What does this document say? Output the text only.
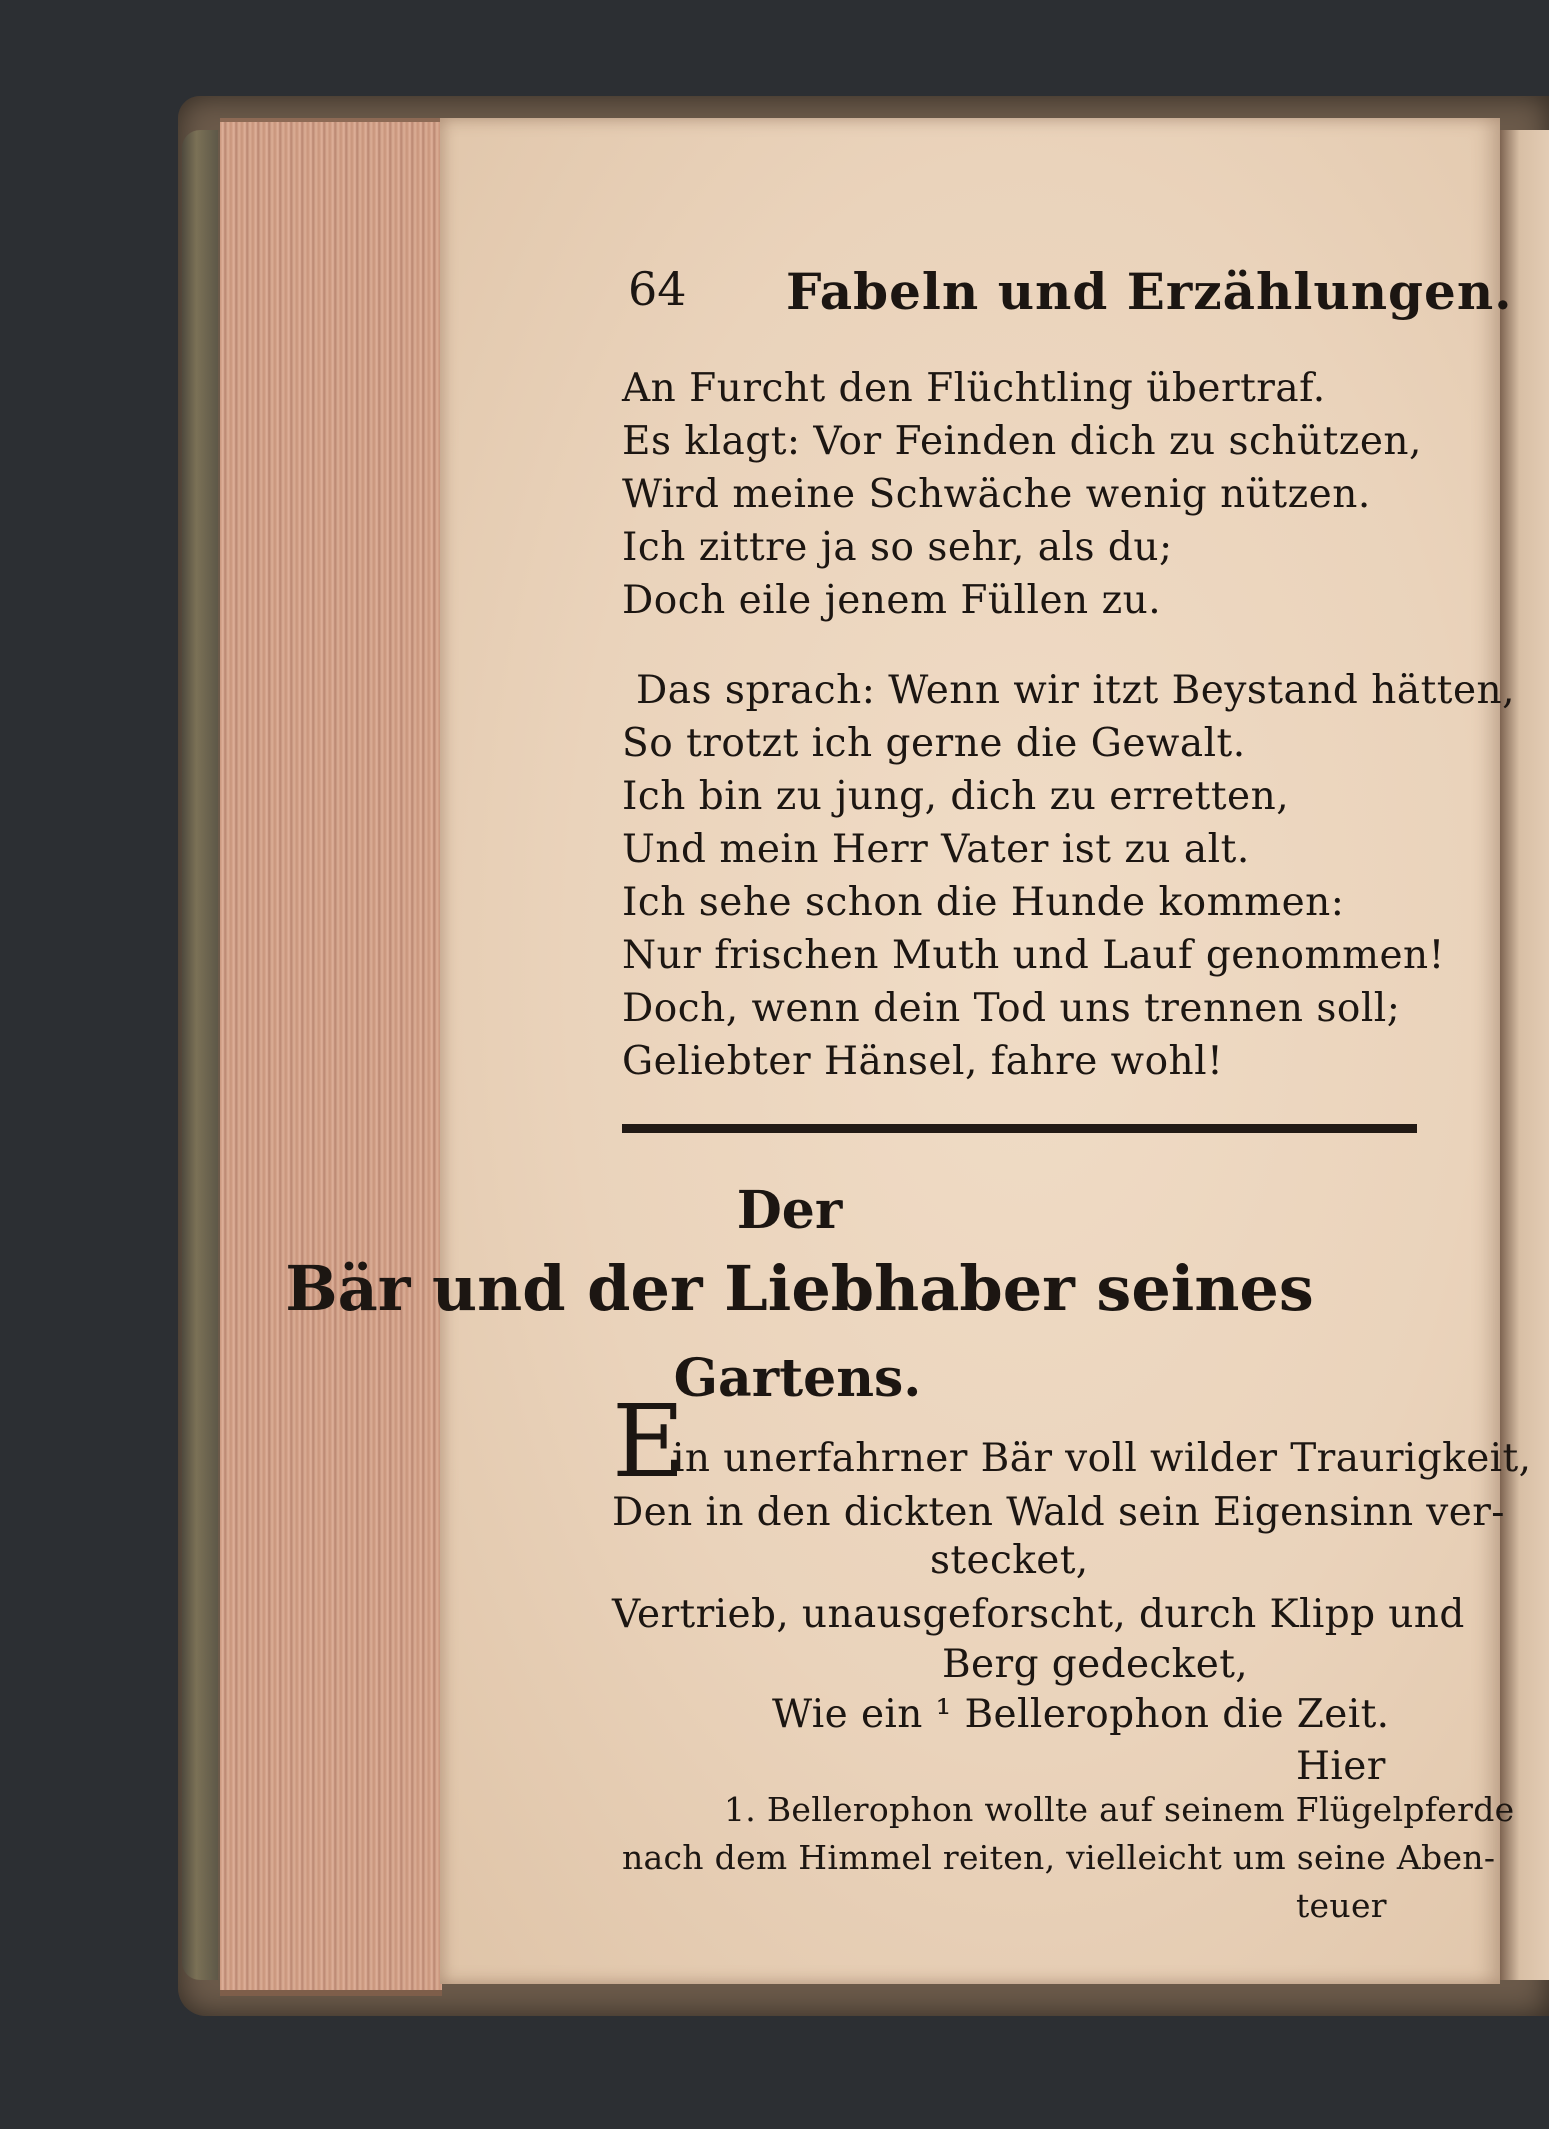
64 Fabeln und Erzählungen.
An Furcht den Flüchtling übertraf.
Es klagt: Vor Feinden dich zu schützen,
Wird meine Schwäche wenig nützen.
Ich zittre ja so sehr, als du;
Doch eile jenem Füllen zu.
Das sprach: Wenn wir itzt Beystand hätten,
So trotzt ich gerne die Gewalt.
Ich bin zu jung, dich zu erretten,
Und mein Herr Vater ist zu alt.
Ich sehe schon die Hunde kommen:
Nur frischen Muth und Lauf genommen!
Doch, wenn dein Tod uns trennen soll;
Geliebter Hänsel, fahre wohl!
Der
Bär und der Liebhaber seines
Gartens.
E
in unerfahrner Bär voll wilder Traurigkeit,
Den in den dickten Wald sein Eigensinn ver-
stecket,
Vertrieb, unausgeforscht, durch Klipp und
Berg gedecket,
Wie ein ¹ Bellerophon die Zeit.
Hier
1. Bellerophon wollte auf seinem Flügelpferde
nach dem Himmel reiten, vielleicht um seine Aben-
teuer
